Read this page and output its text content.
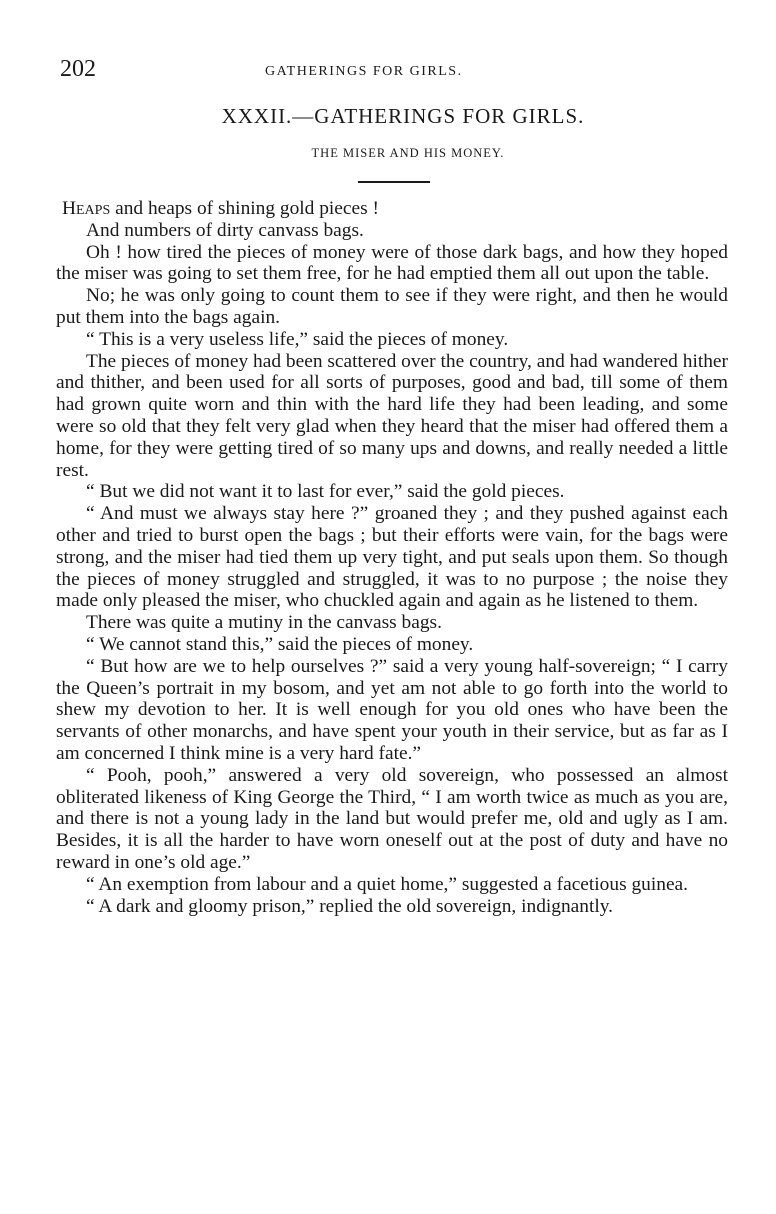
202	GATHERINGS FOR GIRLS.
XXXII.—GATHERINGS FOR GIRLS.
THE MISER AND HIS MONEY.

Heaps and heaps of shining gold pieces !

And numbers of dirty canvass bags.

Oh ! how tired the pieces of money were of those dark bags, and how they hoped the miser was going to set them free, for he had emptied them all out upon the table.

No; he was only going to count them to see if they were right, and then he would put them into the bags again.

“ This is a very useless life,” said the pieces of money.

The pieces of money had been scattered over the country, and had wandered hither and thither, and been used for all sorts of purposes, good and bad, till some of them had grown quite worn and thin with the hard life they had been leading, and some were so old that they felt very glad when they heard that the miser had offered them a home, for they were getting tired of so many ups and downs, and really needed a little rest.

“ But we did not want it to last for ever,” said the gold pieces.

“ And must we always stay here ?” groaned they ; and they pushed against each other and tried to burst open the bags ; but their efforts were vain, for the bags were strong, and the miser had tied them up very tight, and put seals upon them. So though the pieces of money struggled and struggled, it was to no purpose ; the noise they made only pleased the miser, who chuckled again and again as he listened to them.

There was quite a mutiny in the canvass bags.

“ We cannot stand this,” said the pieces of money.

“ But how are we to help ourselves ?” said a very young half-sovereign; “ I carry the Queen’s portrait in my bosom, and yet am not able to go forth into the world to shew my devotion to her. It is well enough for you old ones who have been the servants of other monarchs, and have spent your youth in their service, but as far as I am concerned I think mine is a very hard fate.”

“ Pooh, pooh,” answered a very old sovereign, who possessed an almost obliterated likeness of King George the Third, “ I am worth twice as much as you are, and there is not a young lady in the land but would prefer me, old and ugly as I am. Besides, it is all the harder to have worn oneself out at the post of duty and have no reward in one’s old age.”

“ An exemption from labour and a quiet home,” suggested a facetious guinea.

“ A dark and gloomy prison,” replied the old sovereign, indignantly.
